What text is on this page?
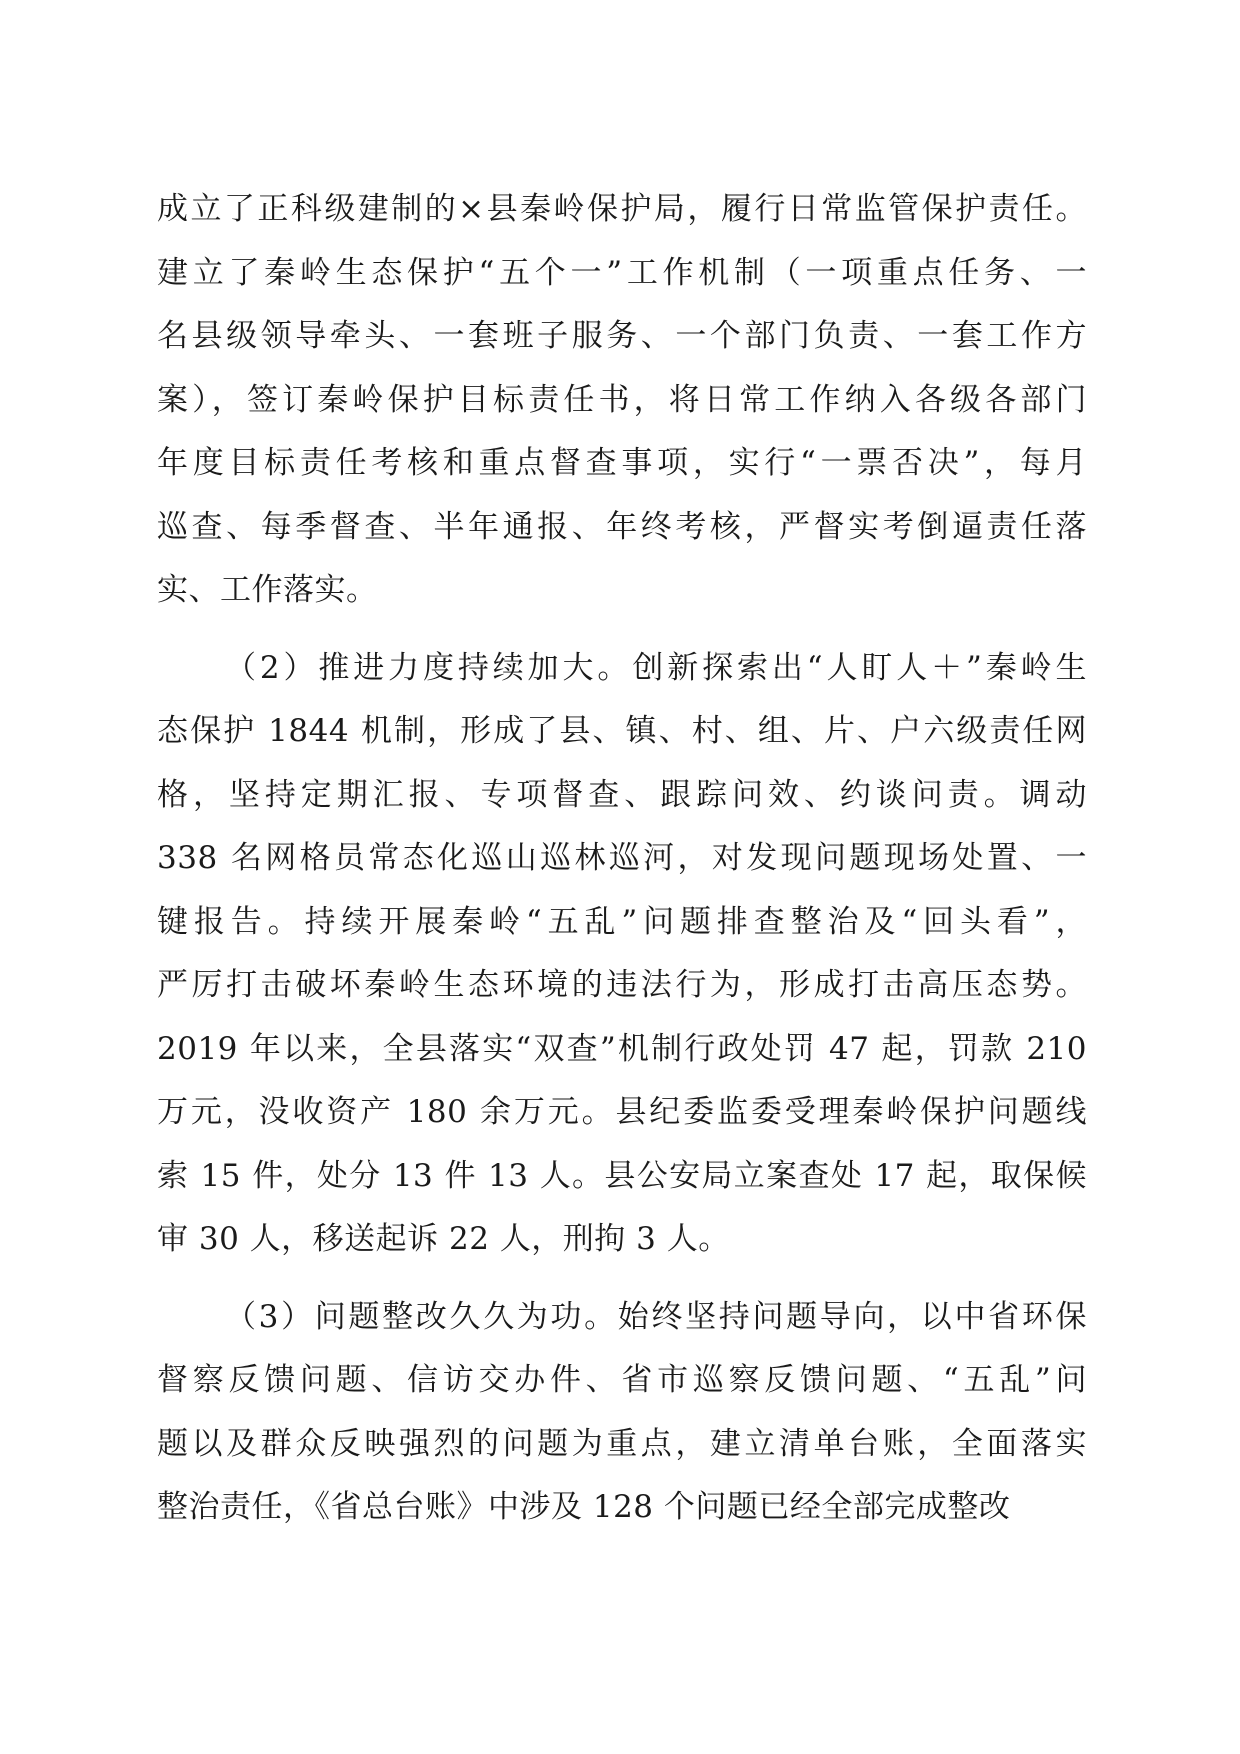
成立了正科级建制的×县秦岭保护局，履行日常监管保护责任。
建立了秦岭生态保护“五个一”工作机制（一项重点任务、一
名县级领导牵头、一套班子服务、一个部门负责、一套工作方
案），签订秦岭保护目标责任书，将日常工作纳入各级各部门
年度目标责任考核和重点督查事项，实行“一票否决”，每月
巡查、每季督查、半年通报、年终考核，严督实考倒逼责任落
实、工作落实。
（2）推进力度持续加大。创新探索出“人盯人＋”秦岭生
态保护 1844 机制，形成了县、镇、村、组、片、户六级责任网
格，坚持定期汇报、专项督查、跟踪问效、约谈问责。调动
338 名网格员常态化巡山巡林巡河，对发现问题现场处置、一
键报告。持续开展秦岭“五乱”问题排查整治及“回头看”，
严厉打击破坏秦岭生态环境的违法行为，形成打击高压态势。
2019 年以来，全县落实“双查”机制行政处罚 47 起，罚款 210
万元，没收资产 180 余万元。县纪委监委受理秦岭保护问题线
索 15 件，处分 13 件 13 人。县公安局立案查处 17 起，取保候
审 30 人，移送起诉 22 人，刑拘 3 人。
（3）问题整改久久为功。始终坚持问题导向，以中省环保
督察反馈问题、信访交办件、省市巡察反馈问题、“五乱”问
题以及群众反映强烈的问题为重点，建立清单台账，全面落实
整治责任，《省总台账》中涉及 128 个问题已经全部完成整改
